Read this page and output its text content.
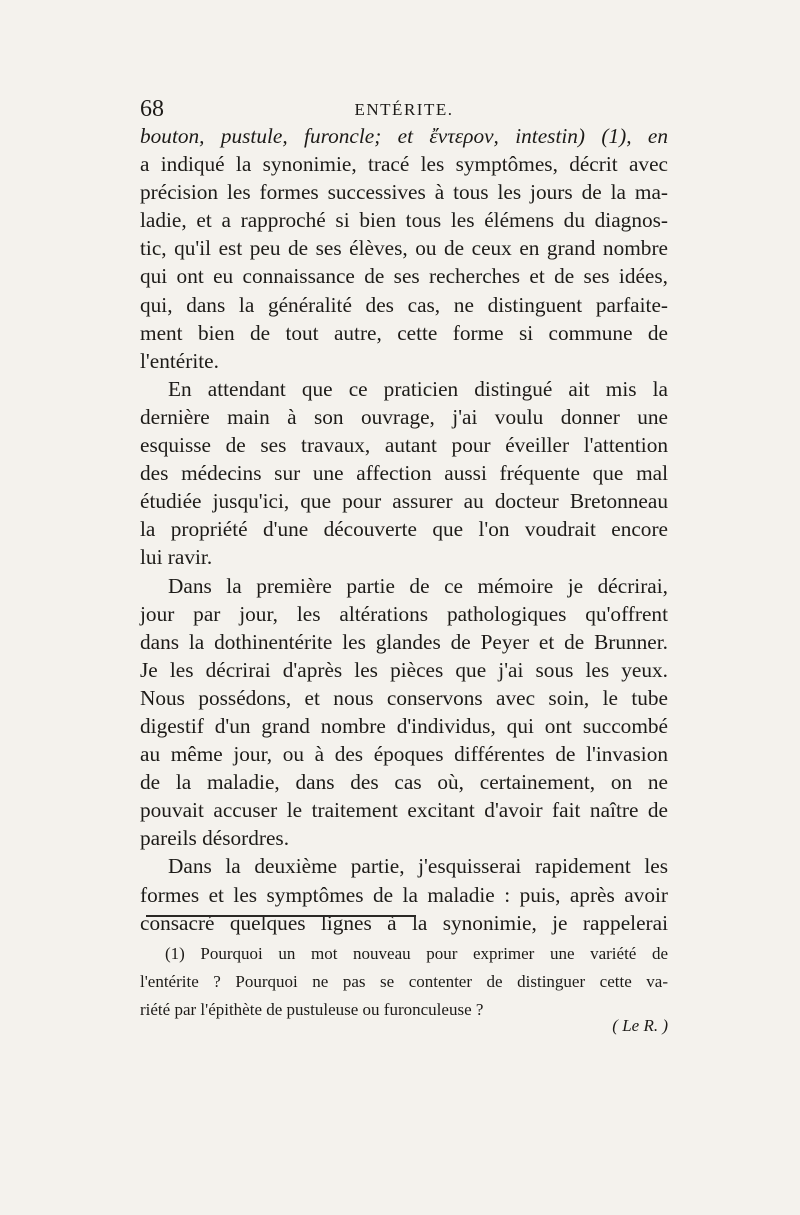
68	ENTÉRITE.
bouton, pustule, furoncle; et ἔντερον, intestin) (1), en
a indiqué la synonimie, tracé les symptômes, décrit avec
précision les formes successives à tous les jours de la ma-
ladie, et a rapproché si bien tous les élémens du diagnos-
tic, qu'il est peu de ses élèves, ou de ceux en grand nombre
qui ont eu connaissance de ses recherches et de ses idées,
qui, dans la généralité des cas, ne distinguent parfaite-
ment bien de tout autre, cette forme si commune de
l'entérite.
En attendant que ce praticien distingué ait mis la
dernière main à son ouvrage, j'ai voulu donner une
esquisse de ses travaux, autant pour éveiller l'attention
des médecins sur une affection aussi fréquente que mal
étudiée jusqu'ici, que pour assurer au docteur Bretonneau
la propriété d'une découverte que l'on voudrait encore
lui ravir.
Dans la première partie de ce mémoire je décrirai,
jour par jour, les altérations pathologiques qu'offrent
dans la dothinentérite les glandes de Peyer et de Brunner.
Je les décrirai d'après les pièces que j'ai sous les yeux.
Nous possédons, et nous conservons avec soin, le tube
digestif d'un grand nombre d'individus, qui ont succombé
au même jour, ou à des époques différentes de l'invasion
de la maladie, dans des cas où, certainement, on ne
pouvait accuser le traitement excitant d'avoir fait naître de
pareils désordres.
Dans la deuxième partie, j'esquisserai rapidement les
formes et les symptômes de la maladie : puis, après avoir
consacré quelques lignes à la synonimie, je rappelerai
(1) Pourquoi un mot nouveau pour exprimer une variété de
l'entérite ? Pourquoi ne pas se contenter de distinguer cette va-
riété par l'épithète de pustuleuse ou furonculeuse ?
( Le R. )
